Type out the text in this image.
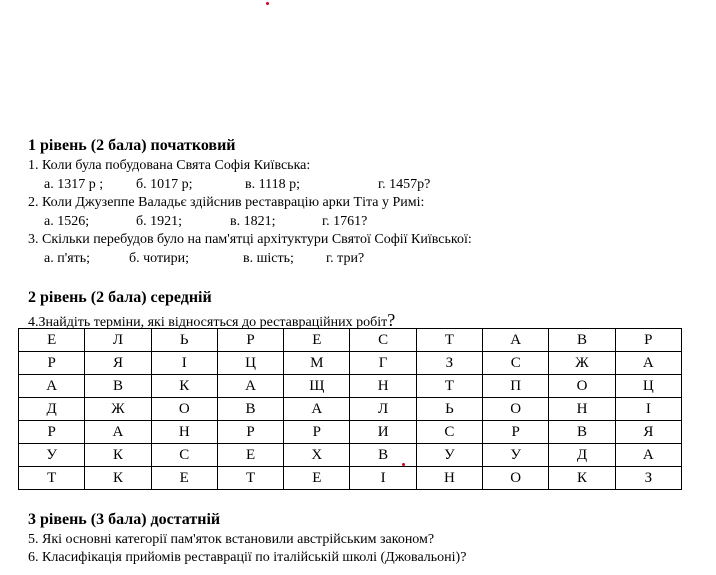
1 рівень (2 бала) початковий
1. Коли була побудована Свята Софія Київська:
а. 1317 р ; б. 1017 р;	в. 1118 р;	г. 1457р?
2. Коли Джузеппе Валадьє здійснив реставрацію арки Тіта у Римі:
а. 1526;	б. 1921;	в. 1821;	г. 1761?
3. Скільки перебудов було на пам'ятці архітуктури Святої Софії Київської:
а. п'ять;	б. чотири;	в. шість; г. три?
2 рівень (2 бала) середній
4.Знайдіть терміни, які відносяться до реставраційних робіт?
Е	Л	Ь	Р	Е	С	Т	А	В	Р
Р	Я	І	Ц	М	Г	З	С	Ж	А
А	В	К	А	Щ	Н	Т	П	О	Ц
Д	Ж	О	В	А	Л	Ь	О	Н	І
Р	А	Н	Р	Р	И	С	Р	В	Я
У	К	С	Е	Х	В	У	У	Д	А
Т	К	Е	Т	Е	І	Н	О	К	З
3 рівень (3 бала) достатній
5. Які основні категорії пам'яток встановили австрійським законом?
6. Класифікація прийомів реставрації по італійській школі (Джовальоні)?
